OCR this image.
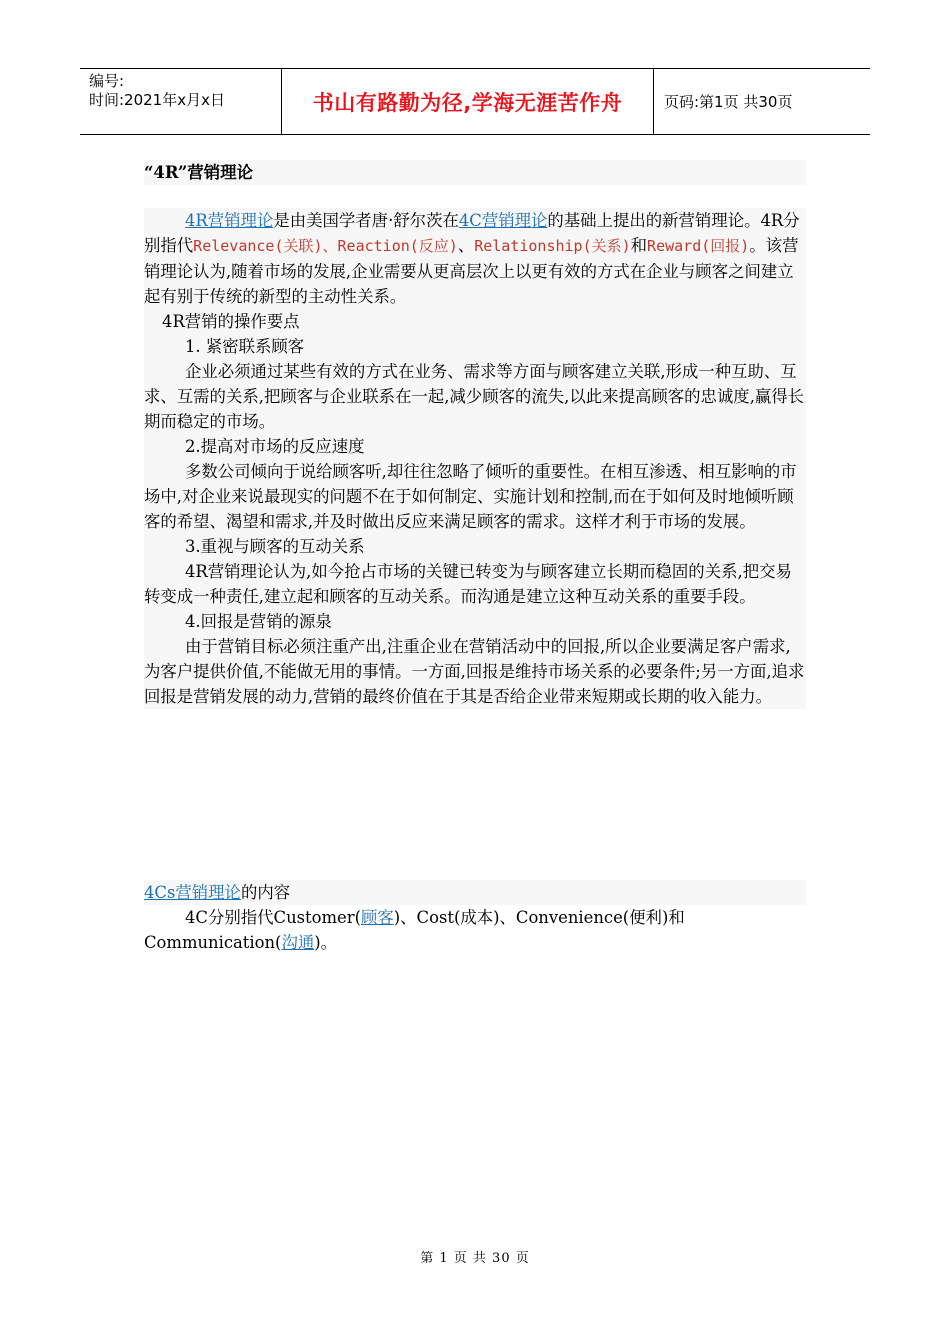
编号:
时间:2021年x月x日	书山有路勤为径,学海无涯苦作舟	页码:第1页 共30页
“4R”营销理论

4R营销理论是由美国学者唐·舒尔茨在4C营销理论的基础上提出的新营销理论。4R分别指代Relevance(关联)、Reaction(反应)、Relationship(关系)和Reward(回报)。该营销理论认为,随着市场的发展,企业需要从更高层次上以更有效的方式在企业与顾客之间建立起有别于传统的新型的主动性关系。

4R营销的操作要点

1. 紧密联系顾客

企业必须通过某些有效的方式在业务、需求等方面与顾客建立关联,形成一种互助、互求、互需的关系,把顾客与企业联系在一起,减少顾客的流失,以此来提高顾客的忠诚度,赢得长期而稳定的市场。

2.提高对市场的反应速度

多数公司倾向于说给顾客听,却往往忽略了倾听的重要性。在相互渗透、相互影响的市场中,对企业来说最现实的问题不在于如何制定、实施计划和控制,而在于如何及时地倾听顾客的希望、渴望和需求,并及时做出反应来满足顾客的需求。这样才利于市场的发展。

3.重视与顾客的互动关系

4R营销理论认为,如今抢占市场的关键已转变为与顾客建立长期而稳固的关系,把交易转变成一种责任,建立起和顾客的互动关系。而沟通是建立这种互动关系的重要手段。

4.回报是营销的源泉

由于营销目标必须注重产出,注重企业在营销活动中的回报,所以企业要满足客户需求,为客户提供价值,不能做无用的事情。一方面,回报是维持市场关系的必要条件;另一方面,追求回报是营销发展的动力,营销的最终价值在于其是否给企业带来短期或长期的收入能力。

4Cs营销理论的内容

4C分别指代Customer(顾客)、Cost(成本)、Convenience(便利)和Communication(沟通)。

第 1 页 共 30 页
